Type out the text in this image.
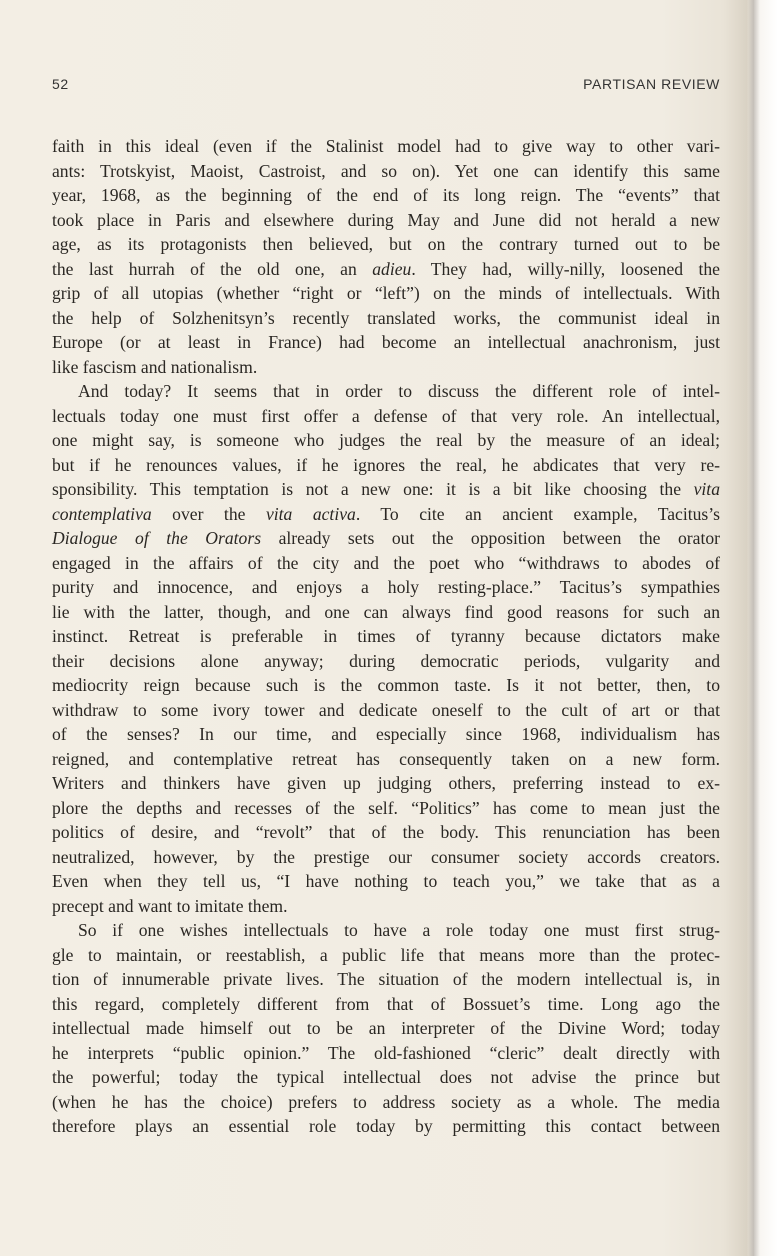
52	PARTISAN REVIEW
faith in this ideal (even if the Stalinist model had to give way to other vari-
ants: Trotskyist, Maoist, Castroist, and so on). Yet one can identify this same
year, 1968, as the beginning of the end of its long reign. The “events” that
took place in Paris and elsewhere during May and June did not herald a new
age, as its protagonists then believed, but on the contrary turned out to be
the last hurrah of the old one, an adieu. They had, willy-nilly, loosened the
grip of all utopias (whether “right or “left”) on the minds of intellectuals. With
the help of Solzhenitsyn’s recently translated works, the communist ideal in
Europe (or at least in France) had become an intellectual anachronism, just
like fascism and nationalism.
And today? It seems that in order to discuss the different role of intel-
lectuals today one must first offer a defense of that very role. An intellectual,
one might say, is someone who judges the real by the measure of an ideal;
but if he renounces values, if he ignores the real, he abdicates that very re-
sponsibility. This temptation is not a new one: it is a bit like choosing the vita
contemplativa over the vita activa. To cite an ancient example, Tacitus’s
Dialogue of the Orators already sets out the opposition between the orator
engaged in the affairs of the city and the poet who “withdraws to abodes of
purity and innocence, and enjoys a holy resting-place.” Tacitus’s sympathies
lie with the latter, though, and one can always find good reasons for such an
instinct. Retreat is preferable in times of tyranny because dictators make
their decisions alone anyway; during democratic periods, vulgarity and
mediocrity reign because such is the common taste. Is it not better, then, to
withdraw to some ivory tower and dedicate oneself to the cult of art or that
of the senses? In our time, and especially since 1968, individualism has
reigned, and contemplative retreat has consequently taken on a new form.
Writers and thinkers have given up judging others, preferring instead to ex-
plore the depths and recesses of the self. “Politics” has come to mean just the
politics of desire, and “revolt” that of the body. This renunciation has been
neutralized, however, by the prestige our consumer society accords creators.
Even when they tell us, “I have nothing to teach you,” we take that as a
precept and want to imitate them.
So if one wishes intellectuals to have a role today one must first strug-
gle to maintain, or reestablish, a public life that means more than the protec-
tion of innumerable private lives. The situation of the modern intellectual is, in
this regard, completely different from that of Bossuet’s time. Long ago the
intellectual made himself out to be an interpreter of the Divine Word; today
he interprets “public opinion.” The old-fashioned “cleric” dealt directly with
the powerful; today the typical intellectual does not advise the prince but
(when he has the choice) prefers to address society as a whole. The media
therefore plays an essential role today by permitting this contact between
